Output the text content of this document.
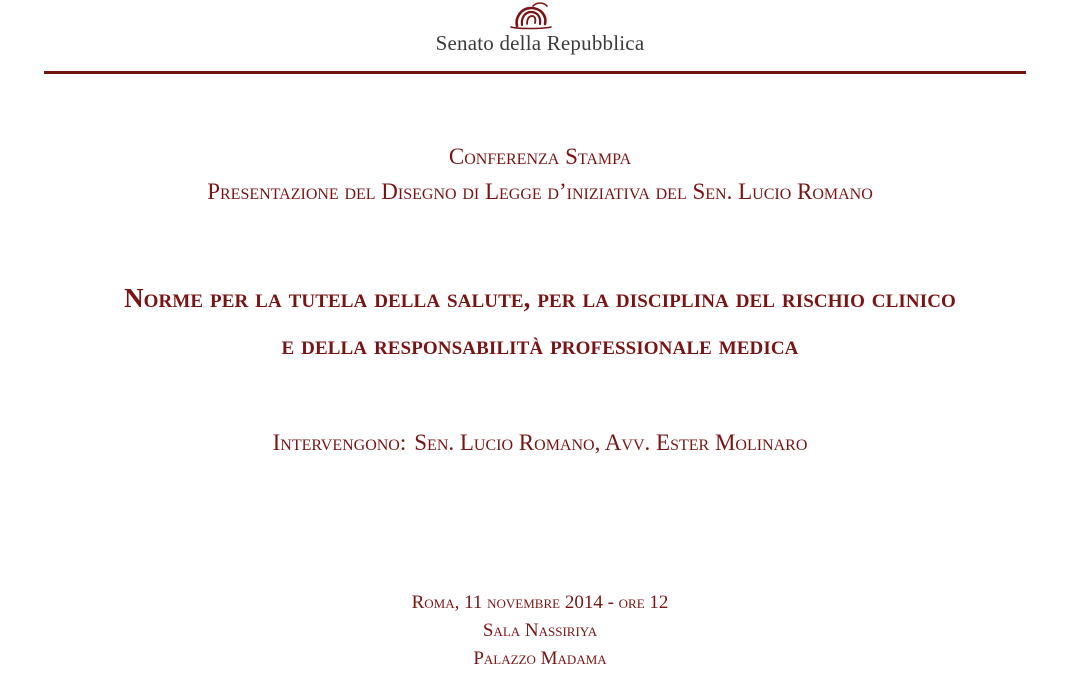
Senato della Repubblica
Conferenza Stampa
Presentazione del Disegno di Legge d’iniziativa del Sen. Lucio Romano
Norme per la tutela della salute, per la disciplina del rischio clinico
e della responsabilità professionale medica
Intervengono: Sen. Lucio Romano, Avv. Ester Molinaro
Roma, 11 novembre 2014 - ore 12
Sala Nassiriya
Palazzo Madama
